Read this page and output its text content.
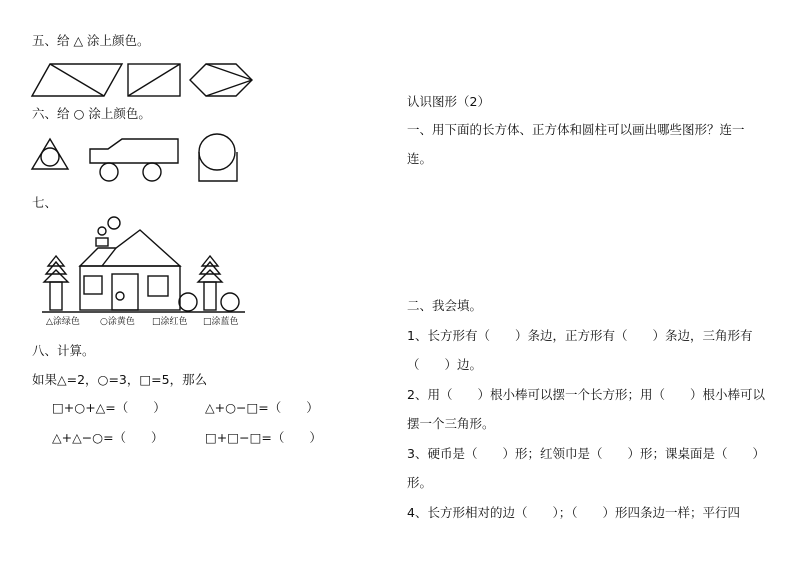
五、给 △ 涂上颜色。
六、给 ○ 涂上颜色。
七、
△涂绿色 ○涂黄色 □涂红色 □涂蓝色
八、计算。
如果△=2，○=3，□=5，那么
□+○+△=（　　）	△+○−□=（　　）
△+△−○=（　　）	□+□−□=（　　）
认识图形（2）
一、用下面的长方体、正方体和圆柱可以画出哪些图形？连一
连。
二、我会填。
1、长方形有（　　）条边，正方形有（　　）条边，三角形有
（　　）边。
2、用（　　）根小棒可以摆一个长方形；用（　　）根小棒可以
摆一个三角形。
3、硬币是（　　）形；红领巾是（　　）形；课桌面是（　　）
形。
4、长方形相对的边（　　）；（　　）形四条边一样；平行四
